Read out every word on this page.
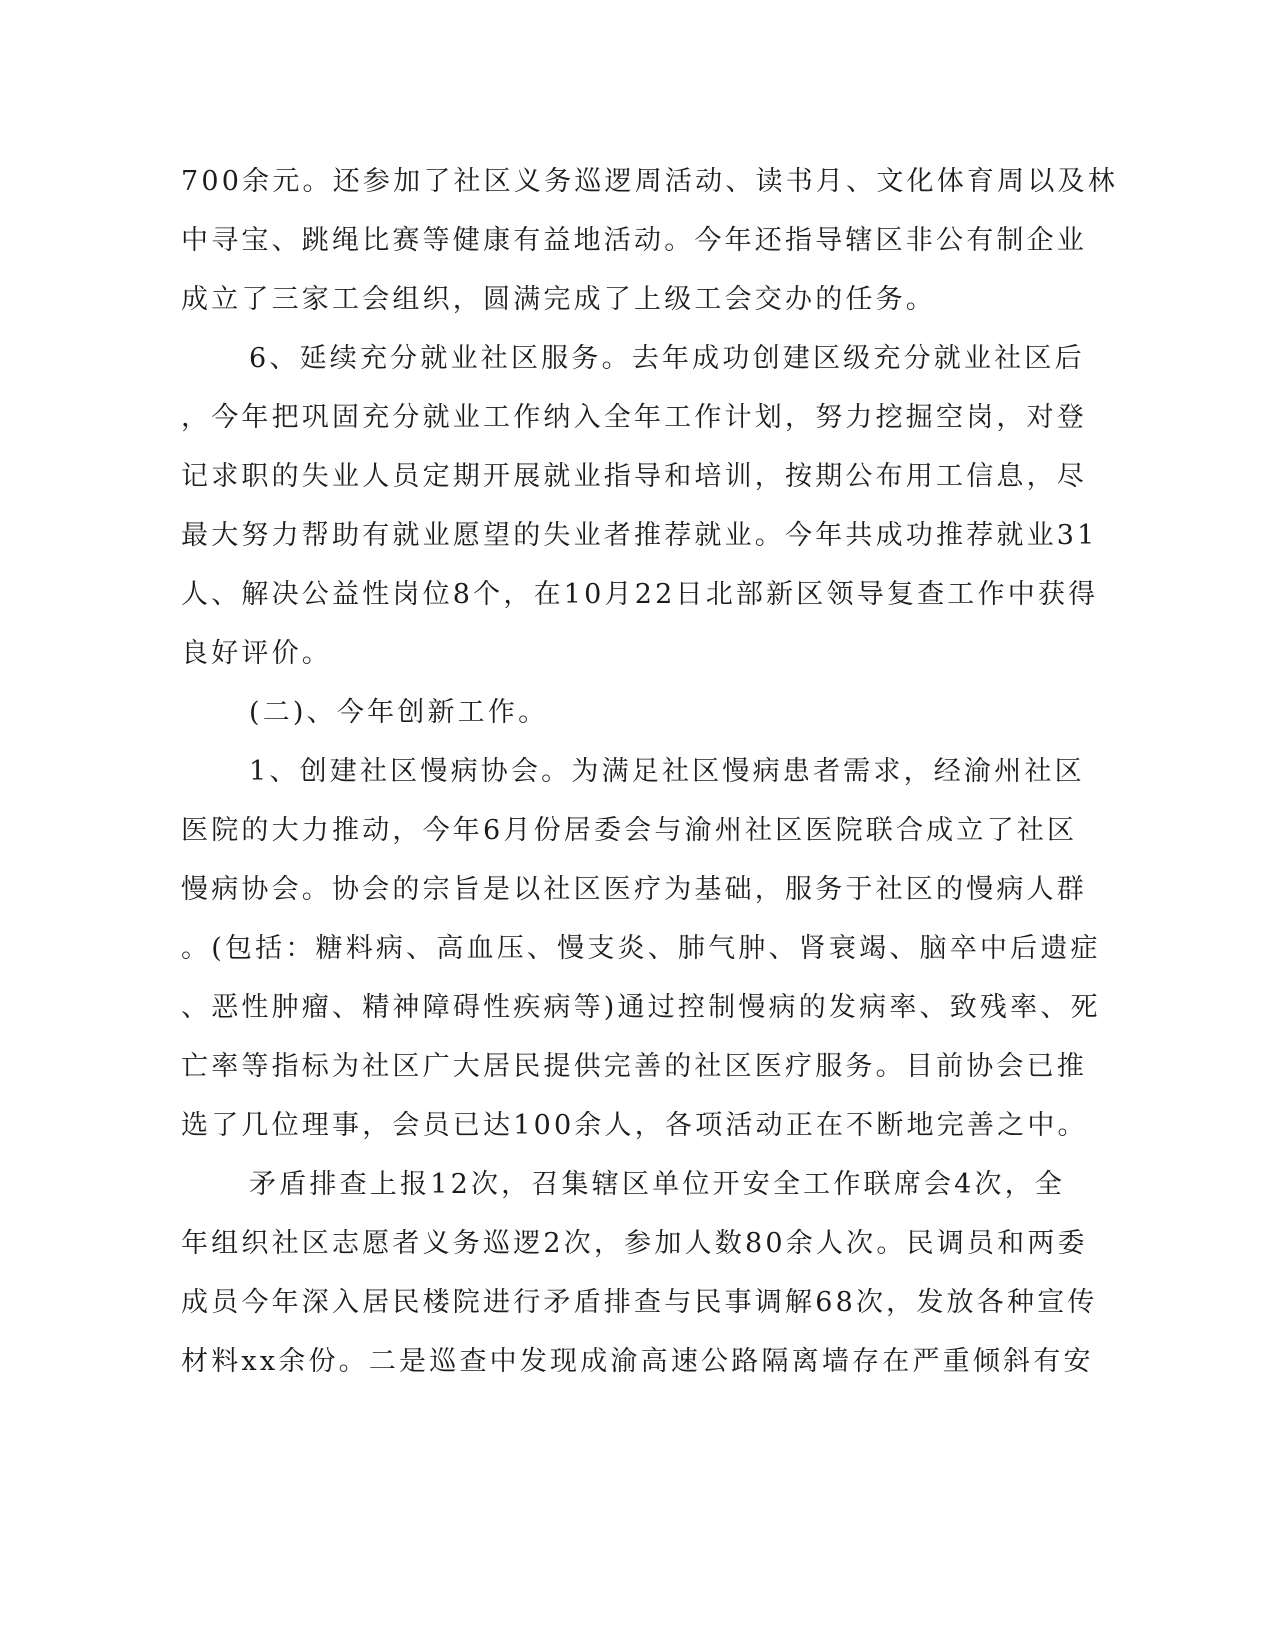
700余元。还参加了社区义务巡逻周活动、读书月、文化体育周以及林
中寻宝、跳绳比赛等健康有益地活动。今年还指导辖区非公有制企业
成立了三家工会组织，圆满完成了上级工会交办的任务。
6、延续充分就业社区服务。去年成功创建区级充分就业社区后
，今年把巩固充分就业工作纳入全年工作计划，努力挖掘空岗，对登
记求职的失业人员定期开展就业指导和培训，按期公布用工信息，尽
最大努力帮助有就业愿望的失业者推荐就业。今年共成功推荐就业31
人、解决公益性岗位8个，在10月22日北部新区领导复查工作中获得
良好评价。
(二)、今年创新工作。
1、创建社区慢病协会。为满足社区慢病患者需求，经渝州社区
医院的大力推动，今年6月份居委会与渝州社区医院联合成立了社区
慢病协会。协会的宗旨是以社区医疗为基础，服务于社区的慢病人群
。(包括：糖料病、高血压、慢支炎、肺气肿、肾衰竭、脑卒中后遗症
、恶性肿瘤、精神障碍性疾病等)通过控制慢病的发病率、致残率、死
亡率等指标为社区广大居民提供完善的社区医疗服务。目前协会已推
选了几位理事，会员已达100余人，各项活动正在不断地完善之中。
矛盾排查上报12次，召集辖区单位开安全工作联席会4次，全
年组织社区志愿者义务巡逻2次，参加人数80余人次。民调员和两委
成员今年深入居民楼院进行矛盾排查与民事调解68次，发放各种宣传
材料xx余份。二是巡查中发现成渝高速公路隔离墙存在严重倾斜有安
